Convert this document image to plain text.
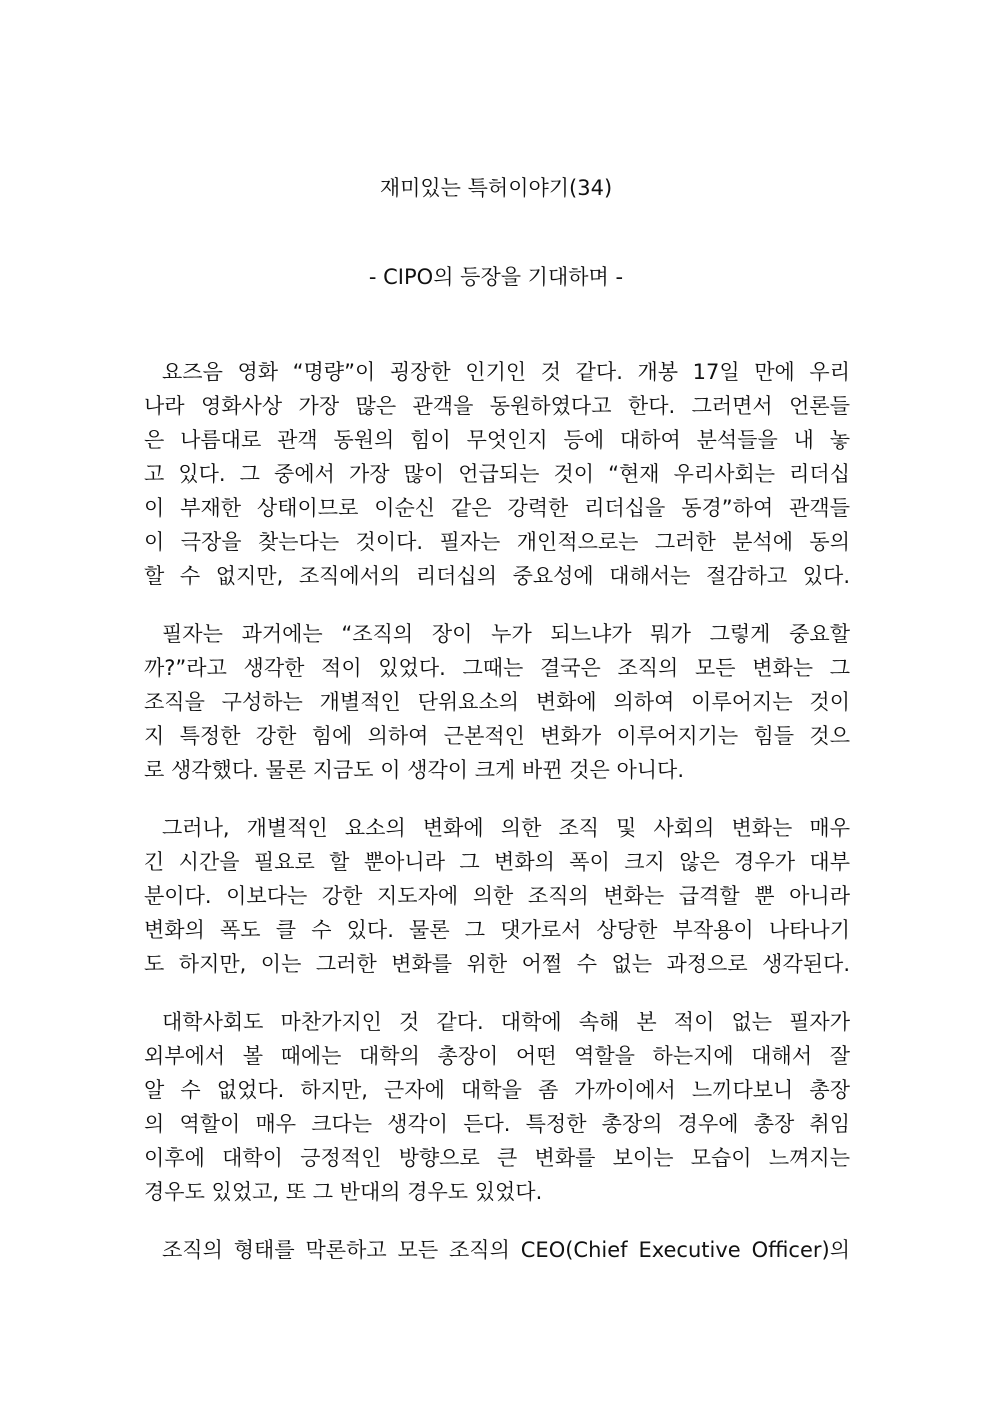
재미있는 특허이야기(34)
- CIPO의 등장을 기대하며 -
요즈음 영화 “명량”이 굉장한 인기인 것 같다. 개봉 17일 만에 우리
나라 영화사상 가장 많은 관객을 동원하였다고 한다. 그러면서 언론들
은 나름대로 관객 동원의 힘이 무엇인지 등에 대하여 분석들을 내 놓
고 있다. 그 중에서 가장 많이 언급되는 것이 “현재 우리사회는 리더십
이 부재한 상태이므로 이순신 같은 강력한 리더십을 동경”하여 관객들
이 극장을 찾는다는 것이다. 필자는 개인적으로는 그러한 분석에 동의
할 수 없지만, 조직에서의 리더십의 중요성에 대해서는 절감하고 있다.
필자는 과거에는 “조직의 장이 누가 되느냐가 뭐가 그렇게 중요할
까?”라고 생각한 적이 있었다. 그때는 결국은 조직의 모든 변화는 그
조직을 구성하는 개별적인 단위요소의 변화에 의하여 이루어지는 것이
지 특정한 강한 힘에 의하여 근본적인 변화가 이루어지기는 힘들 것으
로 생각했다. 물론 지금도 이 생각이 크게 바뀐 것은 아니다.
그러나, 개별적인 요소의 변화에 의한 조직 및 사회의 변화는 매우
긴 시간을 필요로 할 뿐아니라 그 변화의 폭이 크지 않은 경우가 대부
분이다. 이보다는 강한 지도자에 의한 조직의 변화는 급격할 뿐 아니라
변화의 폭도 클 수 있다. 물론 그 댓가로서 상당한 부작용이 나타나기
도 하지만, 이는 그러한 변화를 위한 어쩔 수 없는 과정으로 생각된다.
대학사회도 마찬가지인 것 같다. 대학에 속해 본 적이 없는 필자가
외부에서 볼 때에는 대학의 총장이 어떤 역할을 하는지에 대해서 잘
알 수 없었다. 하지만, 근자에 대학을 좀 가까이에서 느끼다보니 총장
의 역할이 매우 크다는 생각이 든다. 특정한 총장의 경우에 총장 취임
이후에 대학이 긍정적인 방향으로 큰 변화를 보이는 모습이 느껴지는
경우도 있었고, 또 그 반대의 경우도 있었다.
조직의 형태를 막론하고 모든 조직의 CEO(Chief Executive Officer)의
